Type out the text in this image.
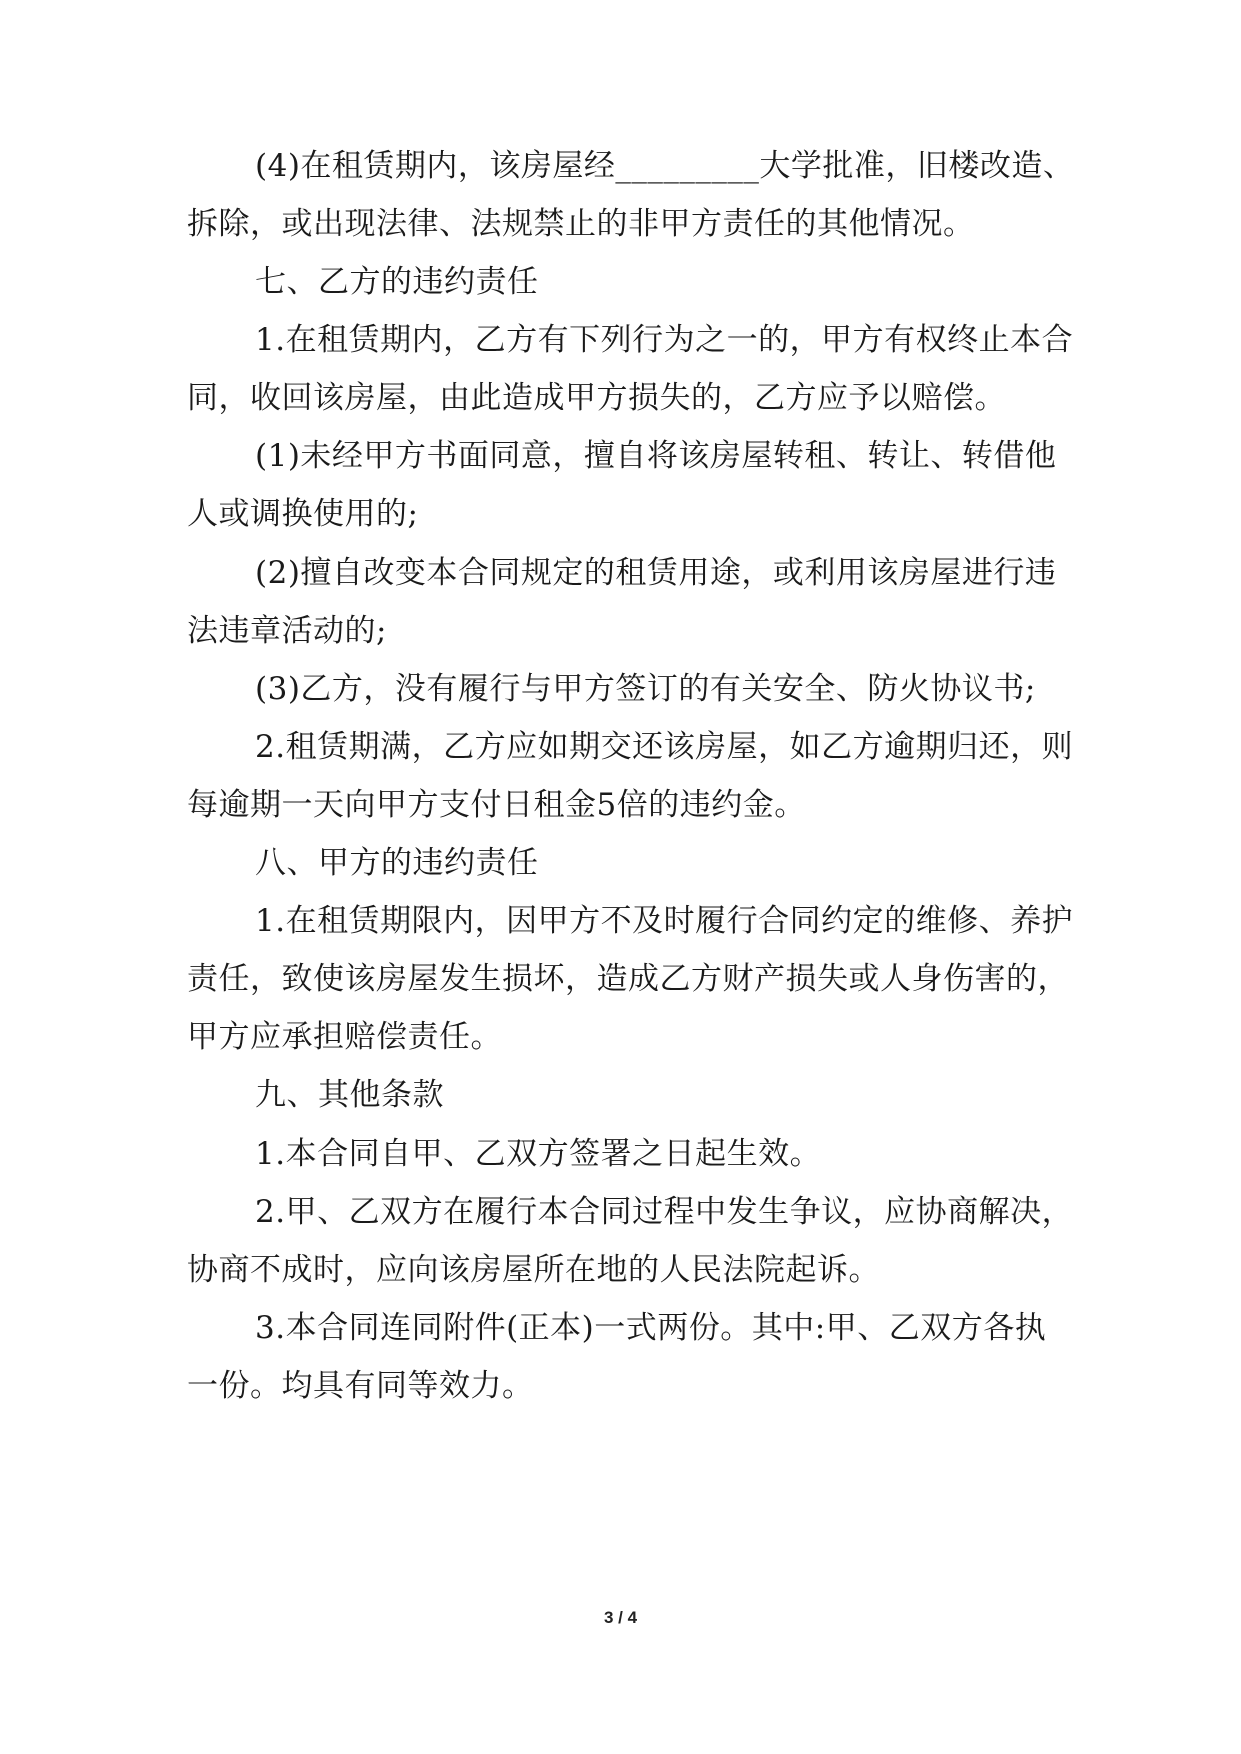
(4)在租赁期内，该房屋经_________大学批准，旧楼改造、
拆除，或出现法律、法规禁止的非甲方责任的其他情况。
七、乙方的违约责任
1.在租赁期内，乙方有下列行为之一的，甲方有权终止本合
同，收回该房屋，由此造成甲方损失的，乙方应予以赔偿。
(1)未经甲方书面同意，擅自将该房屋转租、转让、转借他
人或调换使用的;
(2)擅自改变本合同规定的租赁用途，或利用该房屋进行违
法违章活动的;
(3)乙方，没有履行与甲方签订的有关安全、防火协议书;
2.租赁期满，乙方应如期交还该房屋，如乙方逾期归还，则
每逾期一天向甲方支付日租金5倍的违约金。
八、甲方的违约责任
1.在租赁期限内，因甲方不及时履行合同约定的维修、养护
责任，致使该房屋发生损坏，造成乙方财产损失或人身伤害的，
甲方应承担赔偿责任。
九、其他条款
1.本合同自甲、乙双方签署之日起生效。
2.甲、乙双方在履行本合同过程中发生争议，应协商解决，
协商不成时，应向该房屋所在地的人民法院起诉。
3.本合同连同附件(正本)一式两份。其中:甲、乙双方各执
一份。均具有同等效力。
3 / 4
